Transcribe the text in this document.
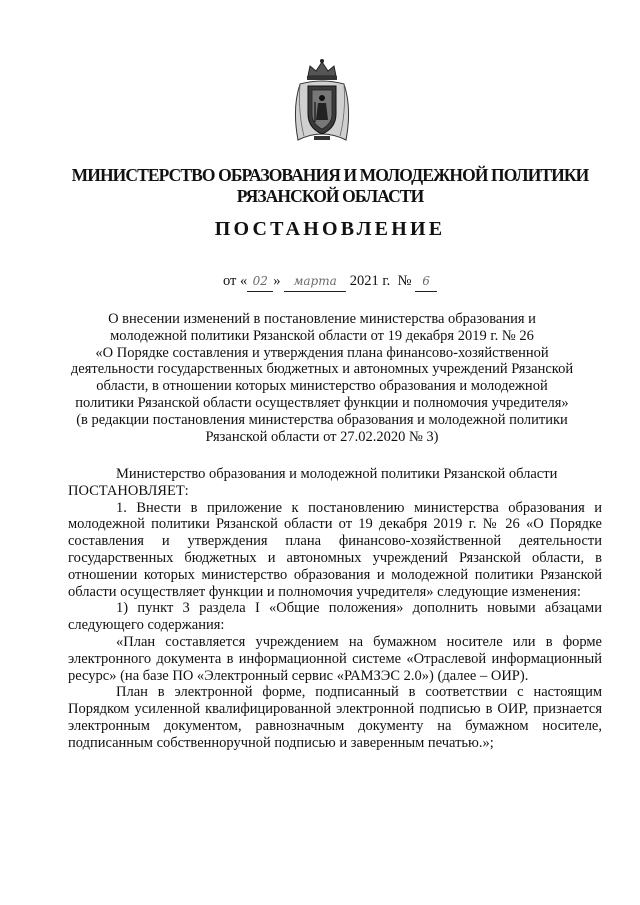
МИНИСТЕРСТВО ОБРАЗОВАНИЯ И МОЛОДЕЖНОЙ ПОЛИТИКИ
РЯЗАНСКОЙ ОБЛАСТИ
ПОСТАНОВЛЕНИЕ
от « 02 » марта 2021 г. № 6
О внесении изменений в постановление министерства образования и
молодежной политики Рязанской области от 19 декабря 2019 г. № 26
«О Порядке составления и утверждения плана финансово-хозяйственной
деятельности государственных бюджетных и автономных учреждений Рязанской
области, в отношении которых министерство образования и молодежной
политики Рязанской области осуществляет функции и полномочия учредителя»
(в редакции постановления министерства образования и молодежной политики
Рязанской области от 27.02.2020 № 3)

Министерство образования и молодежной политики Рязанской области

ПОСТАНОВЛЯЕТ:

1. Внести в приложение к постановлению министерства образования и молодежной политики Рязанской области от 19 декабря 2019 г. № 26 «О Порядке составления и утверждения плана финансово-хозяйственной деятельности государственных бюджетных и автономных учреждений Рязанской области, в отношении которых министерство образования и молодежной политики Рязанской области осуществляет функции и полномочия учредителя» следующие изменения:

1) пункт 3 раздела I «Общие положения» дополнить новыми абзацами следующего содержания:

«План составляется учреждением на бумажном носителе или в форме электронного документа в информационной системе «Отраслевой информационный ресурс» (на базе ПО «Электронный сервис «РАМЗЭС 2.0») (далее – ОИР).

План в электронной форме, подписанный в соответствии с настоящим Порядком усиленной квалифицированной электронной подписью в ОИР, признается электронным документом, равнозначным документу на бумажном носителе, подписанным собственноручной подписью и заверенным печатью.»;
